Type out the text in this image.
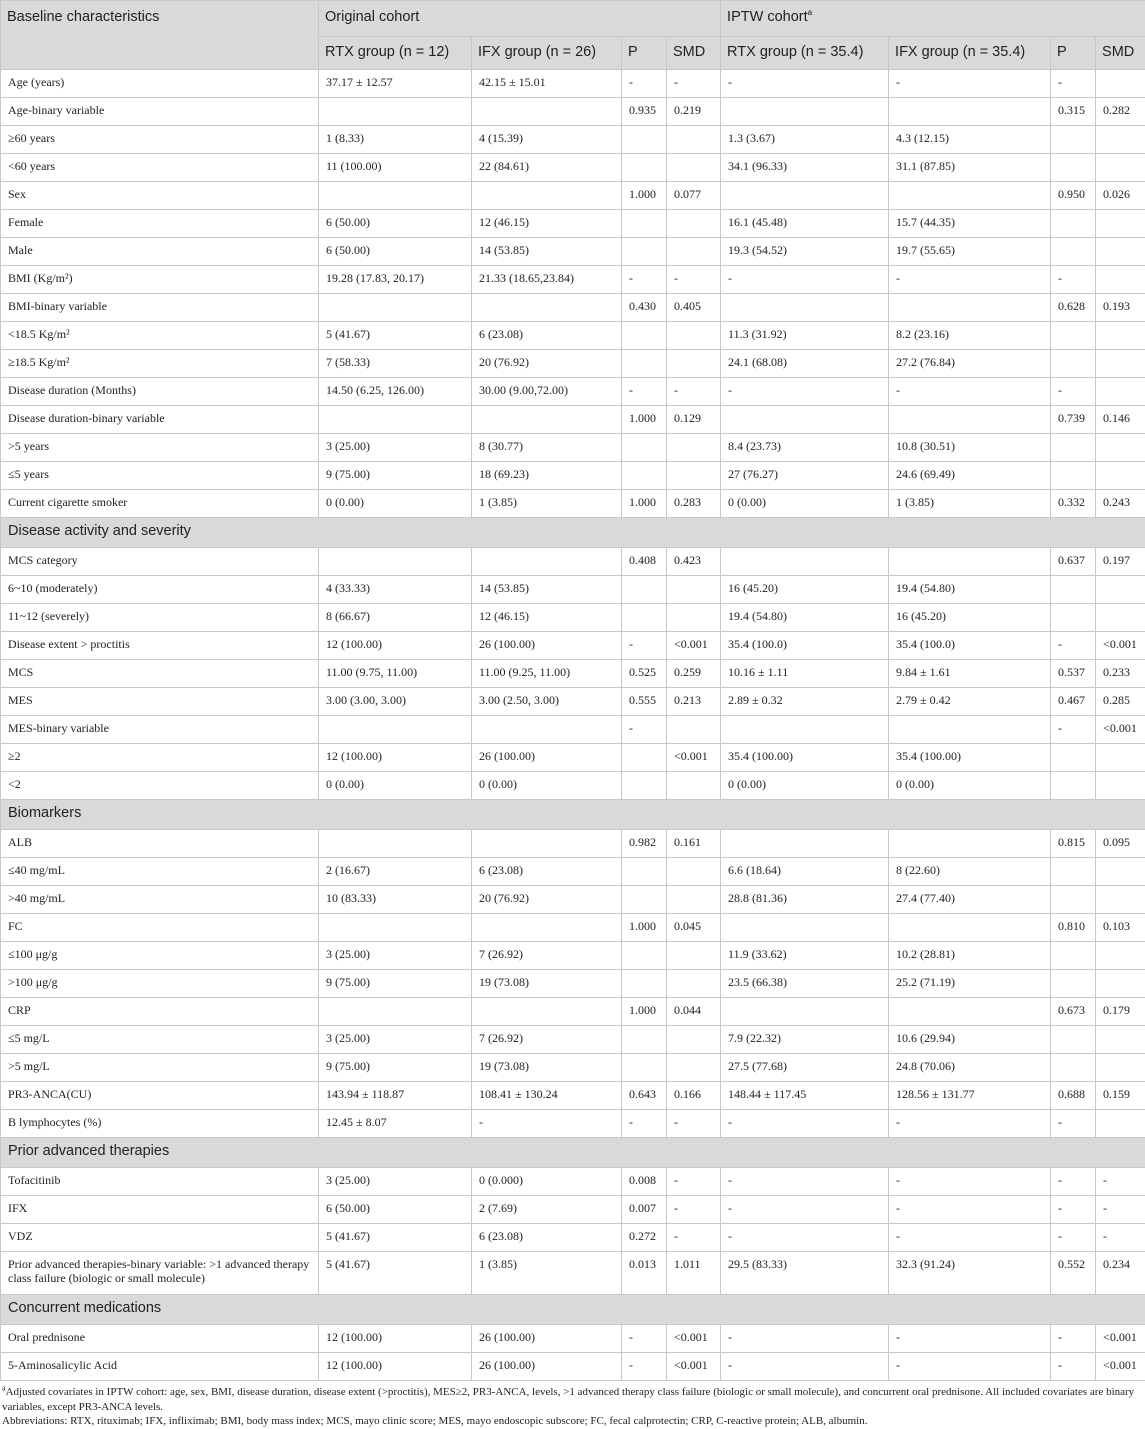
Baseline characteristics	Original cohort				IPTW cohort$^a$
	RTX group (n = 12)	IFX group (n = 26)	P	SMD	RTX group (n = 35.4)	IFX group (n = 35.4)	P	SMD
Age (years)	37.17 ± 12.57	42.15 ± 15.01	-	-	-	-	-	
Age-binary variable			0.935	0.219			0.315	0.282
≥60 years	1 (8.33)	4 (15.39)			1.3 (3.67)	4.3 (12.15)		
<60 years	11 (100.00)	22 (84.61)			34.1 (96.33)	31.1 (87.85)		
Sex			1.000	0.077			0.950	0.026
Female	6 (50.00)	12 (46.15)			16.1 (45.48)	15.7 (44.35)		
Male	6 (50.00)	14 (53.85)			19.3 (54.52)	19.7 (55.65)		
BMI (Kg/m²)	19.28 (17.83, 20.17)	21.33 (18.65,23.84)	-	-	-	-	-	
BMI-binary variable			0.430	0.405			0.628	0.193
<18.5 Kg/m²	5 (41.67)	6 (23.08)			11.3 (31.92)	8.2 (23.16)		
≥18.5 Kg/m²	7 (58.33)	20 (76.92)			24.1 (68.08)	27.2 (76.84)		
Disease duration (Months)	14.50 (6.25, 126.00)	30.00 (9.00,72.00)	-	-	-	-	-	
Disease duration-binary variable			1.000	0.129			0.739	0.146
>5 years	3 (25.00)	8 (30.77)			8.4 (23.73)	10.8 (30.51)		
≤5 years	9 (75.00)	18 (69.23)			27 (76.27)	24.6 (69.49)		
Current cigarette smoker	0 (0.00)	1 (3.85)	1.000	0.283	0 (0.00)	1 (3.85)	0.332	0.243
Disease activity and severity								
MCS category			0.408	0.423			0.637	0.197
6~10 (moderately)	4 (33.33)	14 (53.85)			16 (45.20)	19.4 (54.80)		
11~12 (severely)	8 (66.67)	12 (46.15)			19.4 (54.80)	16 (45.20)		
Disease extent > proctitis	12 (100.00)	26 (100.00)	-	<0.001	35.4 (100.0)	35.4 (100.0)	-	<0.001
MCS	11.00 (9.75, 11.00)	11.00 (9.25, 11.00)	0.525	0.259	10.16 ± 1.11	9.84 ± 1.61	0.537	0.233
MES	3.00 (3.00, 3.00)	3.00 (2.50, 3.00)	0.555	0.213	2.89 ± 0.32	2.79 ± 0.42	0.467	0.285
MES-binary variable			-				-	<0.001
≥2	12 (100.00)	26 (100.00)		<0.001	35.4 (100.00)	35.4 (100.00)		
<2	0 (0.00)	0 (0.00)			0 (0.00)	0 (0.00)		
Biomarkers								
ALB			0.982	0.161			0.815	0.095
≤40 mg/mL	2 (16.67)	6 (23.08)			6.6 (18.64)	8 (22.60)		
>40 mg/mL	10 (83.33)	20 (76.92)			28.8 (81.36)	27.4 (77.40)		
FC			1.000	0.045			0.810	0.103
≤100 μg/g	3 (25.00)	7 (26.92)			11.9 (33.62)	10.2 (28.81)		
>100 μg/g	9 (75.00)	19 (73.08)			23.5 (66.38)	25.2 (71.19)		
CRP			1.000	0.044			0.673	0.179
≤5 mg/L	3 (25.00)	7 (26.92)			7.9 (22.32)	10.6 (29.94)		
>5 mg/L	9 (75.00)	19 (73.08)			27.5 (77.68)	24.8 (70.06)		
PR3-ANCA(CU)	143.94 ± 118.87	108.41 ± 130.24	0.643	0.166	148.44 ± 117.45	128.56 ± 131.77	0.688	0.159
B lymphocytes (%)	12.45 ± 8.07	-	-	-	-	-	-	
Prior advanced therapies								
Tofacitinib	3 (25.00)	0 (0.000)	0.008	-	-	-	-	-
IFX	6 (50.00)	2 (7.69)	0.007	-	-	-	-	-
VDZ	5 (41.67)	6 (23.08)	0.272	-	-	-	-	-
Prior advanced therapies-binary variable: >1 advanced therapy class failure (biologic or small molecule)	5 (41.67)	1 (3.85)	0.013	1.011	29.5 (83.33)	32.3 (91.24)	0.552	0.234
Concurrent medications								
Oral prednisone	12 (100.00)	26 (100.00)	-	<0.001	-	-	-	<0.001
5-Aminosalicylic Acid	12 (100.00)	26 (100.00)	-	<0.001	-	-	-	<0.001
$^a$Adjusted covariates in IPTW cohort: age, sex, BMI, disease duration, disease extent (>proctitis), MES≥2, PR3-ANCA, levels, >1 advanced therapy class failure (biologic or small molecule), and concurrent oral prednisone. All included covariates are binary variables, except PR3-ANCA levels.
Abbreviations: RTX, rituximab; IFX, infliximab; BMI, body mass index; MCS, mayo clinic score; MES, mayo endoscopic subscore; FC, fecal calprotectin; CRP, C-reactive protein; ALB, albumin.
